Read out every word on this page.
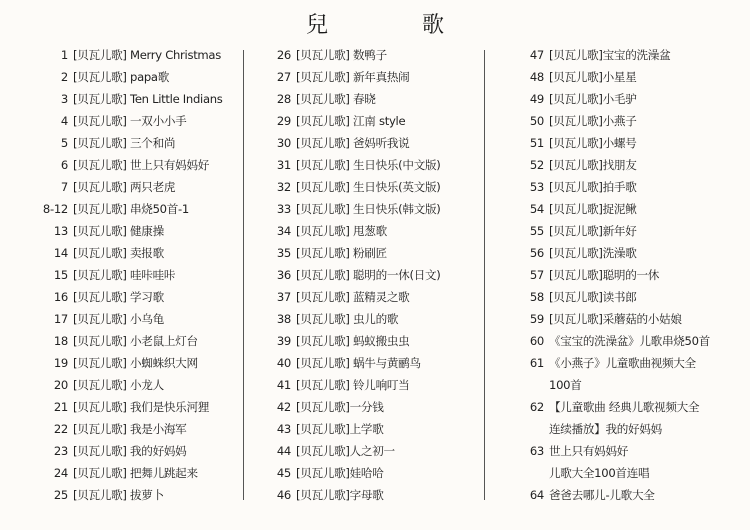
兒　歌
1 [贝瓦儿歌] Merry Christmas
2 [贝瓦儿歌] papa歌
3 [贝瓦儿歌] Ten Little Indians
4 [贝瓦儿歌] 一双小小手
5 [贝瓦儿歌] 三个和尚
6 [贝瓦儿歌] 世上只有妈妈好
7 [贝瓦儿歌] 两只老虎
8-12 [贝瓦儿歌] 串烧50首-1
13 [贝瓦儿歌] 健康操
14 [贝瓦儿歌] 卖报歌
15 [贝瓦儿歌] 哇咔哇咔
16 [贝瓦儿歌] 学习歌
17 [贝瓦儿歌] 小乌龟
18 [贝瓦儿歌] 小老鼠上灯台
19 [贝瓦儿歌] 小蜘蛛织大网
20 [贝瓦儿歌] 小龙人
21 [贝瓦儿歌] 我们是快乐河狸
22 [贝瓦儿歌] 我是小海军
23 [贝瓦儿歌] 我的好妈妈
24 [贝瓦儿歌] 把舞儿跳起来
25 [贝瓦儿歌] 拔萝卜
26 [贝瓦儿歌] 数鸭子
27 [贝瓦儿歌] 新年真热闹
28 [贝瓦儿歌] 春晓
29 [贝瓦儿歌] 江南 style
30 [贝瓦儿歌] 爸妈听我说
31 [贝瓦儿歌] 生日快乐(中文版)
32 [贝瓦儿歌] 生日快乐(英文版)
33 [贝瓦儿歌] 生日快乐(韩文版)
34 [贝瓦儿歌] 甩葱歌
35 [贝瓦儿歌] 粉刷匠
36 [贝瓦儿歌] 聪明的一休(日文)
37 [贝瓦儿歌] 蓝精灵之歌
38 [贝瓦儿歌] 虫儿的歌
39 [贝瓦儿歌] 蚂蚁搬虫虫
40 [贝瓦儿歌] 蜗牛与黄鹂鸟
41 [贝瓦儿歌] 铃儿响叮当
42 [贝瓦儿歌]一分钱
43 [贝瓦儿歌]上学歌
44 [贝瓦儿歌]人之初一
45 [贝瓦儿歌]娃哈哈
46 [贝瓦儿歌]字母歌
47 [贝瓦儿歌]宝宝的洗澡盆
48 [贝瓦儿歌]小星星
49 [贝瓦儿歌]小毛驴
50 [贝瓦儿歌]小燕子
51 [贝瓦儿歌]小螺号
52 [贝瓦儿歌]找朋友
53 [贝瓦儿歌]拍手歌
54 [贝瓦儿歌]捉泥鳅
55 [贝瓦儿歌]新年好
56 [贝瓦儿歌]洗澡歌
57 [贝瓦儿歌]聪明的一休
58 [贝瓦儿歌]读书郎
59 [贝瓦儿歌]采蘑菇的小姑娘
60 《宝宝的洗澡盆》儿歌串烧50首
61 《小燕子》儿童歌曲视频大全
100首
62 【儿童歌曲 经典儿歌视频大全
连续播放】我的好妈妈
63 世上只有妈妈好
儿歌大全100首连唱
64 爸爸去哪儿-儿歌大全
